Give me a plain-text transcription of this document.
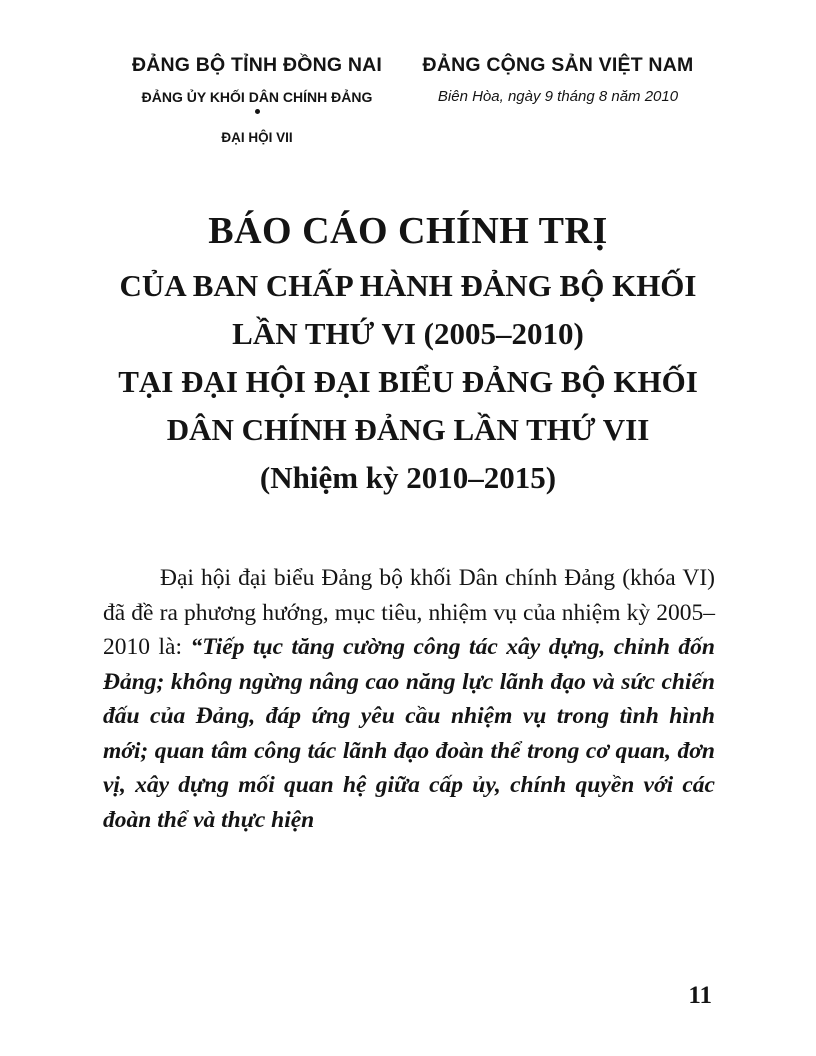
ĐẢNG BỘ TỈNH ĐỒNG NAI
ĐẢNG ỦY KHỐI DÂN CHÍNH ĐẢNG
ĐẠI HỘI VII
ĐẢNG CỘNG SẢN VIỆT NAM
Biên Hòa, ngày 9 tháng 8 năm 2010
BÁO CÁO CHÍNH TRỊ
CỦA BAN CHẤP HÀNH ĐẢNG BỘ KHỐI
LẦN THỨ VI (2005–2010)
TẠI ĐẠI HỘI ĐẠI BIỂU ĐẢNG BỘ KHỐI
DÂN CHÍNH ĐẢNG LẦN THỨ VII
(Nhiệm kỳ 2010–2015)
Đại hội đại biểu Đảng bộ khối Dân chính Đảng (khóa VI) đã đề ra phương hướng, mục tiêu, nhiệm vụ của nhiệm kỳ 2005–2010 là: “Tiếp tục tăng cường công tác xây dựng, chỉnh đốn Đảng; không ngừng nâng cao năng lực lãnh đạo và sức chiến đấu của Đảng, đáp ứng yêu cầu nhiệm vụ trong tình hình mới; quan tâm công tác lãnh đạo đoàn thể trong cơ quan, đơn vị, xây dựng mối quan hệ giữa cấp ủy, chính quyền với các đoàn thể và thực hiện
11
